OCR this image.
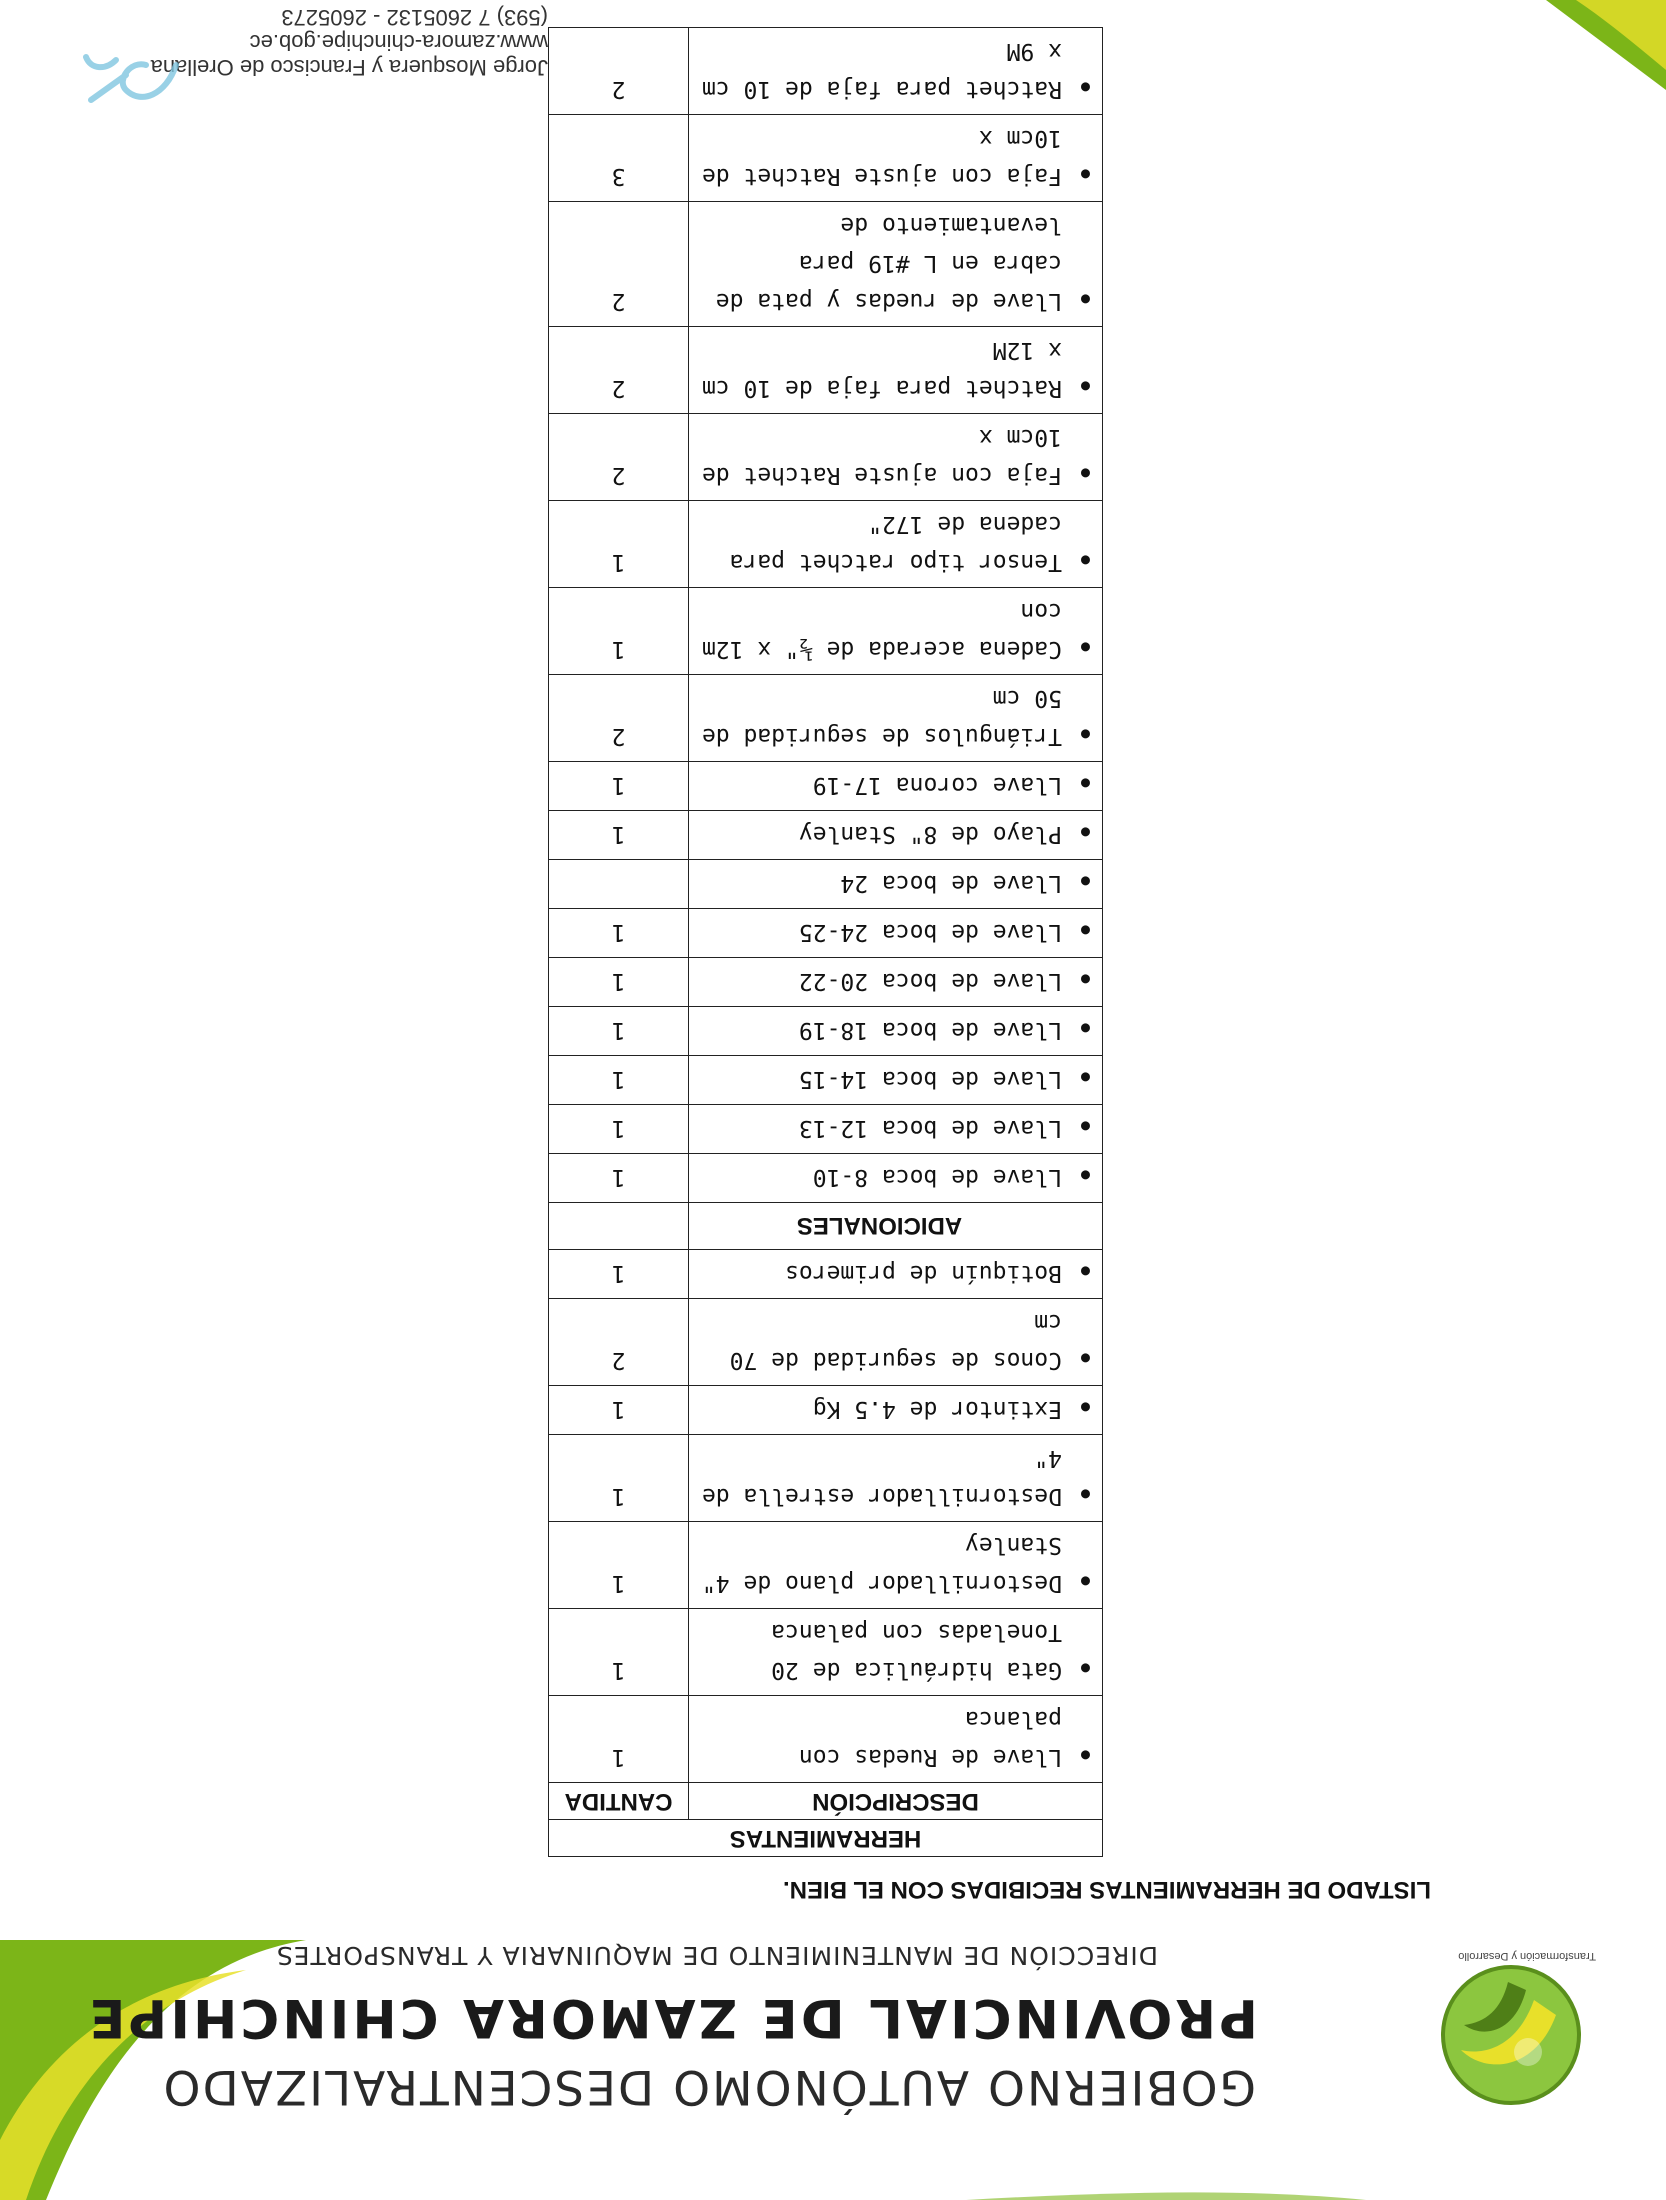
Transformación y Desarrollo
GOBIERNO AUTÓNOMO DESCENTRALIZADO
PROVINCIAL DE ZAMORA CHINCHIPE
DIRECCIÓN DE MANTENIMIENTO DE MAQUINARIA Y TRANSPORTES
LISTADO DE HERRAMIENTAS RECIBIDAS CON EL BIEN.
HERRAMIENTAS	
DESCRIPCIÓN	CANTIDA
● Llave de Ruedas con palanca	1
● Gata hidráulica de 20 Toneladas con palanca	1
● Destornillador plano de 4" Stanley	1
● Destornillador estrella de 4"	1
● Extintor de 4.5 Kg	1
● Conos de seguridad de 70 cm	2
● Botiquín de primeros	1
ADICIONALES	
● Llave de boca 8-10	1
● Llave de boca 12-13	1
● Llave de boca 14-15	1
● Llave de boca 18-19	1
● Llave de boca 20-22	1
● Llave de boca 24-25	1
● Llave de boca 24	
● Playo de 8" Stanley	1
● Llave corona 17-19	1
● Triángulos de seguridad de 50 cm	2
● Cadena acerada de ½" x 12m con	1
● Tensor tipo ratchet para cadena de 172"	1
● Faja con ajuste Ratchet de 10cm x	2
● Ratchet para faja de 10 cm x 12M	2
● Llave de ruedas y pata de cabra en L #19 para levantamiento de	2
● Faja con ajuste Ratchet de 10cm x	3
● Ratchet para faja de 10 cm x 9M	2
Jorge Mosquera y Francisco de Orellana
www.zamora-chinchipe.gob.ec
(593) 7 2605132 - 2605273
